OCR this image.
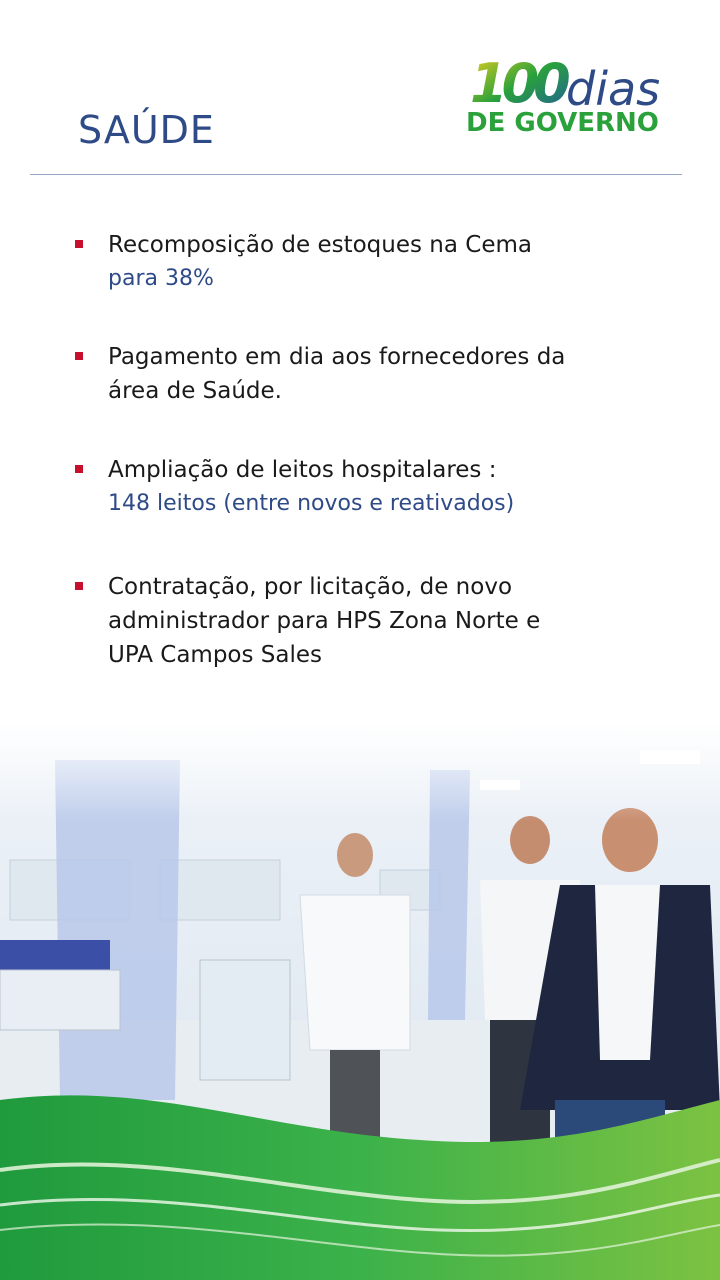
SAÚDE
100 dias
DE GOVERNO
Recomposição de estoques na Cema
para 38%
Pagamento em dia aos fornecedores da área de Saúde.
Ampliação de leitos hospitalares :
148 leitos (entre novos e reativados)
Contratação, por licitação, de novo administrador para HPS Zona Norte e UPA Campos Sales
